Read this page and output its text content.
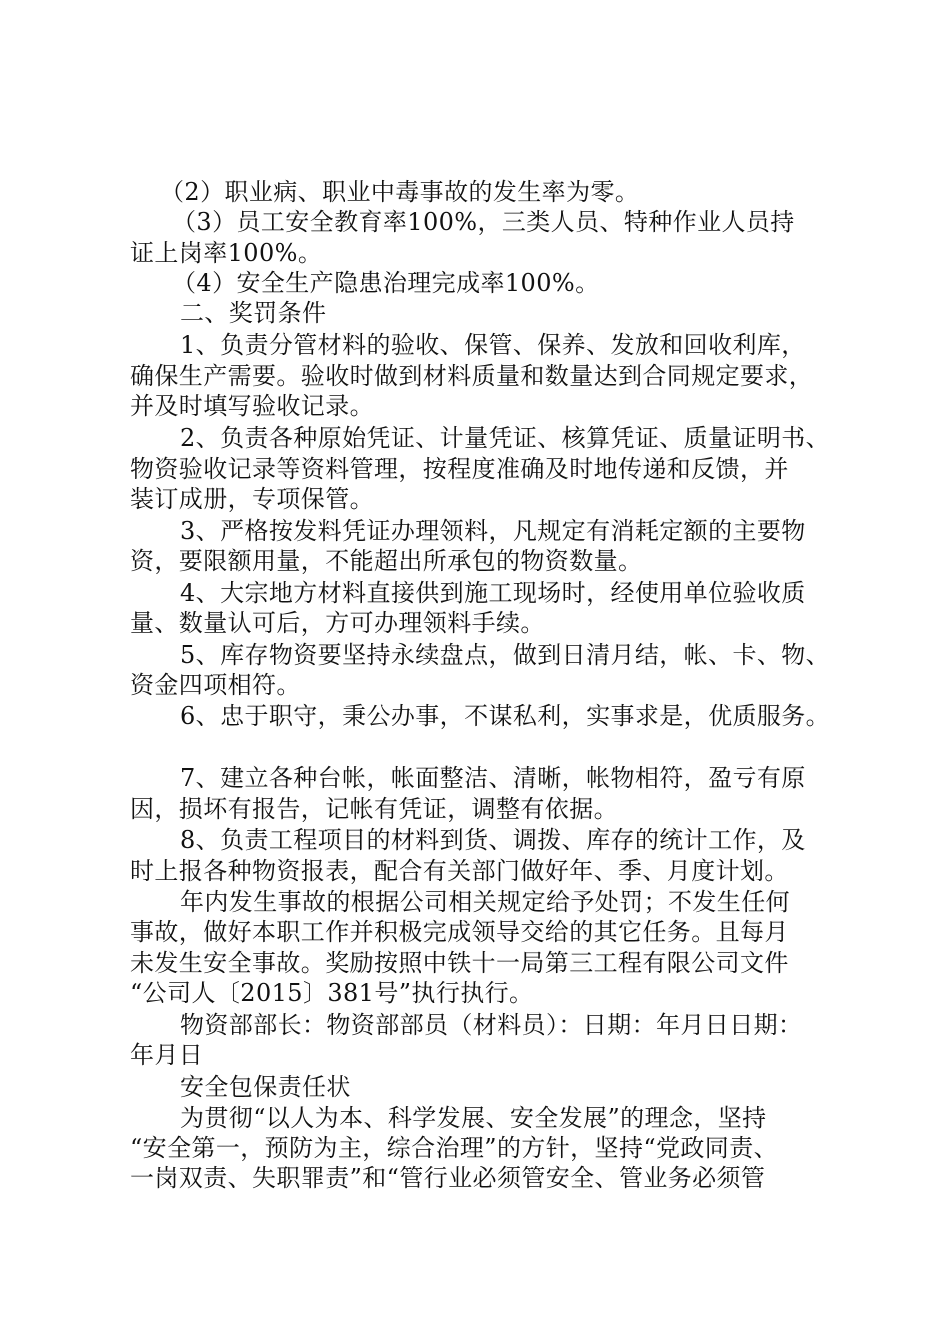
（2）职业病、职业中毒事故的发生率为零。
（3）员工安全教育率100%，三类人员、特种作业人员持
证上岗率100%。
（4）安全生产隐患治理完成率100%。
二、奖罚条件
1、负责分管材料的验收、保管、保养、发放和回收利库，
确保生产需要。验收时做到材料质量和数量达到合同规定要求，
并及时填写验收记录。
2、负责各种原始凭证、计量凭证、核算凭证、质量证明书、
物资验收记录等资料管理，按程度准确及时地传递和反馈，并
装订成册，专项保管。
3、严格按发料凭证办理领料，凡规定有消耗定额的主要物
资，要限额用量，不能超出所承包的物资数量。
4、大宗地方材料直接供到施工现场时，经使用单位验收质
量、数量认可后，方可办理领料手续。
5、库存物资要坚持永续盘点，做到日清月结，帐、卡、物、
资金四项相符。
6、忠于职守，秉公办事，不谋私利，实事求是，优质服务。
7、建立各种台帐，帐面整洁、清晰，帐物相符，盈亏有原
因，损坏有报告，记帐有凭证，调整有依据。
8、负责工程项目的材料到货、调拨、库存的统计工作，及
时上报各种物资报表，配合有关部门做好年、季、月度计划。
年内发生事故的根据公司相关规定给予处罚；不发生任何
事故，做好本职工作并积极完成领导交给的其它任务。且每月
未发生安全事故。奖励按照中铁十一局第三工程有限公司文件
“公司人〔2015〕381号”执行执行。
物资部部长：物资部部员（材料员）：日期：年月日日期：
年月日
安全包保责任状
为贯彻“以人为本、科学发展、安全发展”的理念，坚持
“安全第一，预防为主，综合治理”的方针，坚持“党政同责、
一岗双责、失职罪责”和“管行业必须管安全、管业务必须管
